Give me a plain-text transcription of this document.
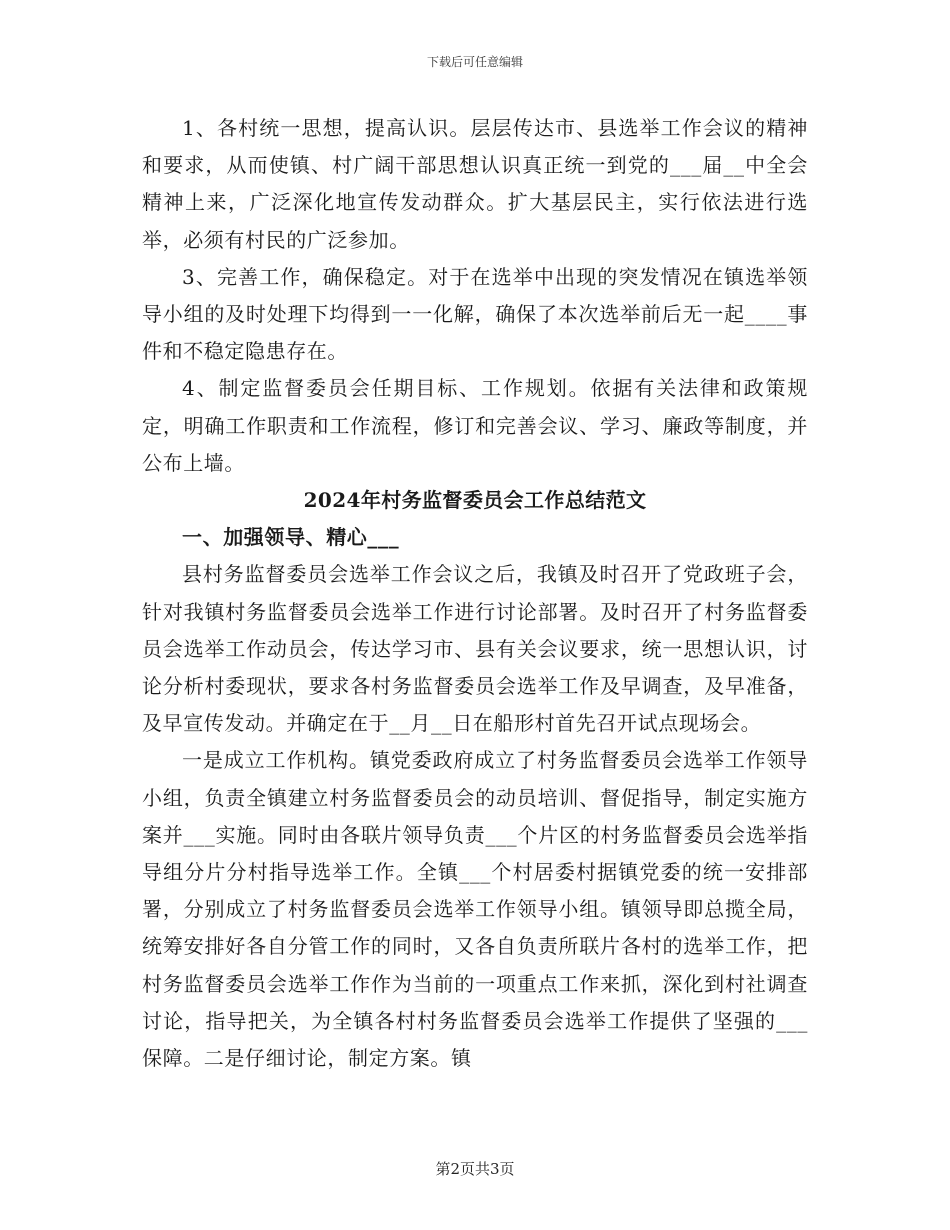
下载后可任意编辑

1、各村统一思想，提高认识。层层传达市、县选举工作会议的精神和要求，从而使镇、村广阔干部思想认识真正统一到党的___届__中全会精神上来，广泛深化地宣传发动群众。扩大基层民主，实行依法进行选举，必须有村民的广泛参加。

3、完善工作，确保稳定。对于在选举中出现的突发情况在镇选举领导小组的及时处理下均得到一一化解，确保了本次选举前后无一起____事件和不稳定隐患存在。

4、制定监督委员会任期目标、工作规划。依据有关法律和政策规定，明确工作职责和工作流程，修订和完善会议、学习、廉政等制度，并公布上墙。

2024年村务监督委员会工作总结范文
一、加强领导、精心___

县村务监督委员会选举工作会议之后，我镇及时召开了党政班子会，针对我镇村务监督委员会选举工作进行讨论部署。及时召开了村务监督委员会选举工作动员会，传达学习市、县有关会议要求，统一思想认识，讨论分析村委现状，要求各村务监督委员会选举工作及早调查，及早准备，及早宣传发动。并确定在于__月__日在船形村首先召开试点现场会。

一是成立工作机构。镇党委政府成立了村务监督委员会选举工作领导小组，负责全镇建立村务监督委员会的动员培训、督促指导，制定实施方案并___实施。同时由各联片领导负责___个片区的村务监督委员会选举指导组分片分村指导选举工作。全镇___个村居委村据镇党委的统一安排部署，分别成立了村务监督委员会选举工作领导小组。镇领导即总揽全局，统筹安排好各自分管工作的同时，又各自负责所联片各村的选举工作，把村务监督委员会选举工作作为当前的一项重点工作来抓，深化到村社调查讨论，指导把关，为全镇各村村务监督委员会选举工作提供了坚强的___保障。二是仔细讨论，制定方案。镇

第2页共3页
